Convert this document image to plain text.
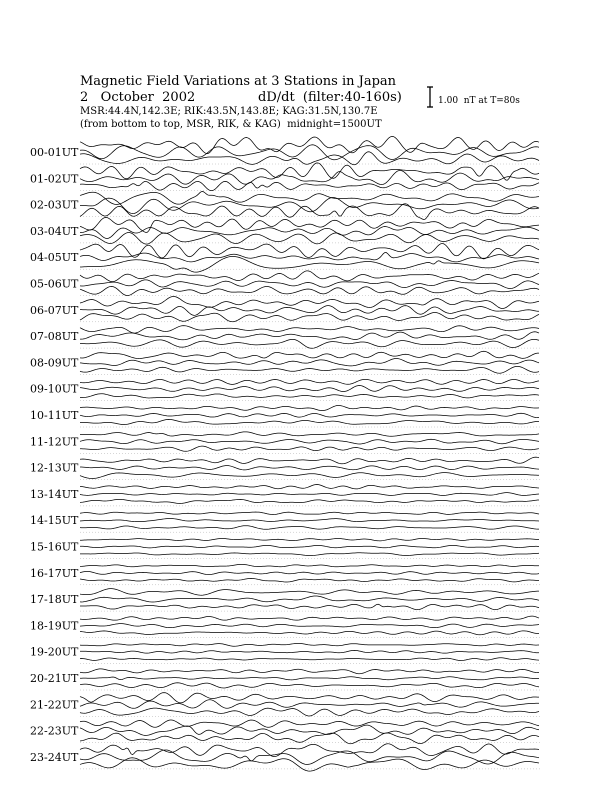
Magnetic Field Variations at 3 Stations in Japan
2   October  2002	dD/dt  (filter:40-160s)
MSR:44.4N,142.3E; RIK:43.5N,143.8E; KAG:31.5N,130.7E
(from bottom to top, MSR, RIK, & KAG)  midnight=1500UT
1.00  nT at T=80s
00-01UT
01-02UT
02-03UT
03-04UT
04-05UT
05-06UT
06-07UT
07-08UT
08-09UT
09-10UT
10-11UT
11-12UT
12-13UT
13-14UT
14-15UT
15-16UT
16-17UT
17-18UT
18-19UT
19-20UT
20-21UT
21-22UT
22-23UT
23-24UT
